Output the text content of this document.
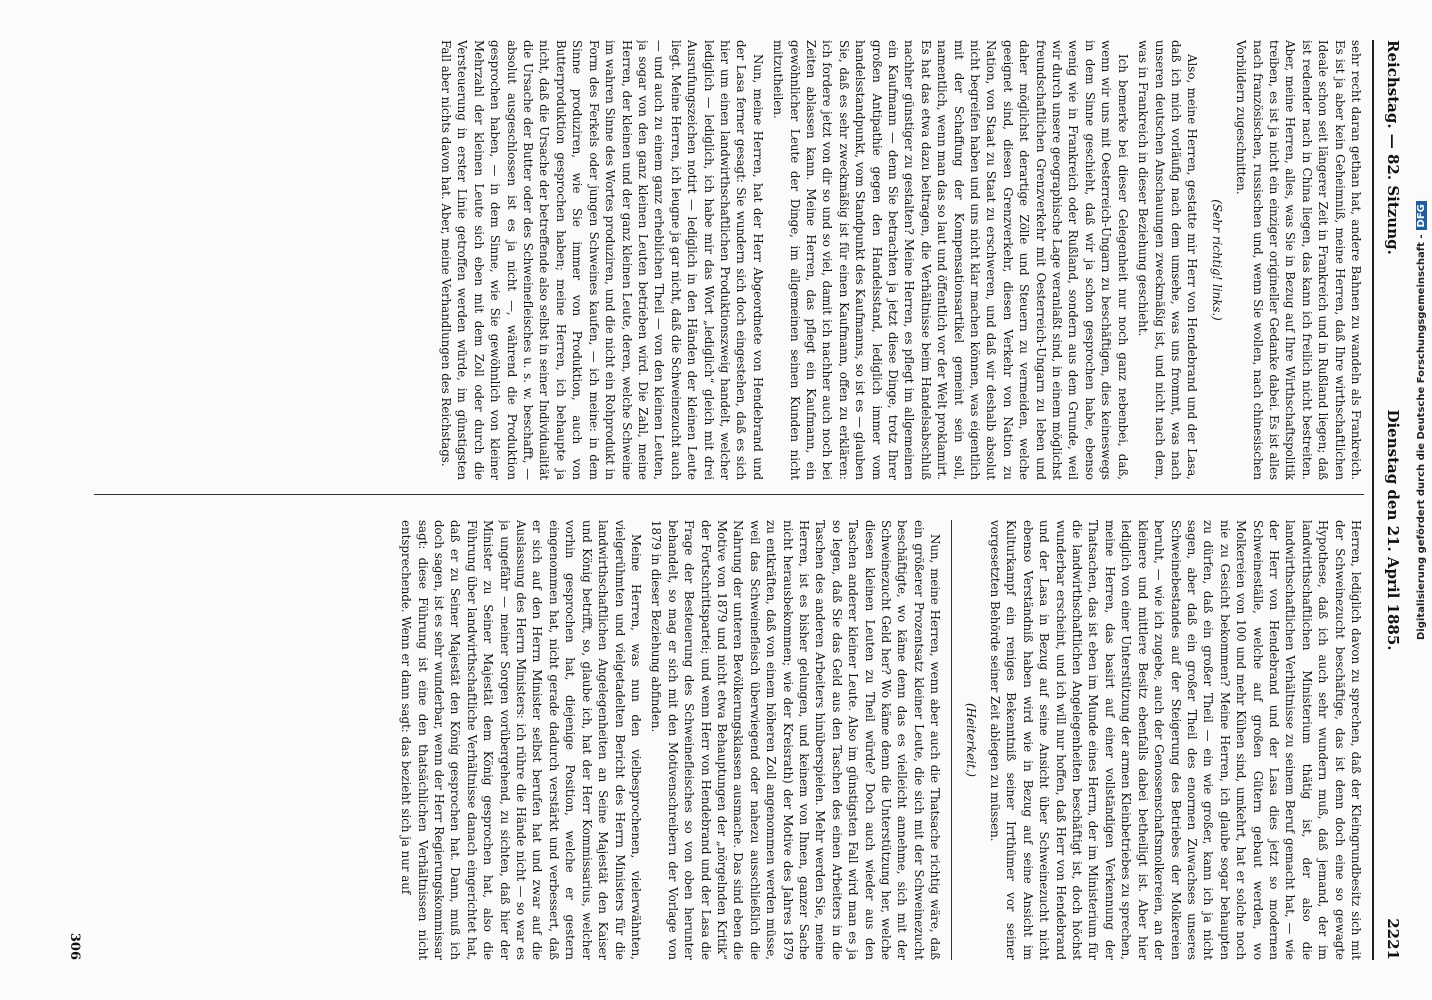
Reichstag. — 82. Sitzung.
Dienstag den 21. April 1885.
2221

sehr recht daran gethan hat, andere Bahnen zu wandeln als Frankreich. Es ist ja aber kein Geheimniß, meine Herren, daß Ihre wirthschaftlichen Ideale schon seit längerer Zeit in Frankreich und in Rußland liegen; daß ist redender nach in China liegen, das kann ich freilich nicht bestreiten. Aber, meine Herren, alles, was Sie in Bezug auf Ihre Wirthschaftspolitik treiben, es ist ja nicht ein einziger origineller Gedanke dabei. Es ist alles nach französischen, russischen und, wenn Sie wollen, nach chinesischen Vorbildern zugeschnitten.

(Sehr richtig! links.)

Also, meine Herren, gestatte mir Herr von Hendebrand und der Lasa, daß ich mich vorläufig nach dem umsehe, was uns frommt, was nach unseren deutschen Anschauungen zweckmäßig ist, und nicht nach dem, was in Frankreich in dieser Beziehung geschieht.

Ich bemerke bei dieser Gelegenheit nur noch ganz nebenbei, daß, wenn wir uns mit Oesterreich-Ungarn zu beschäftigen, dies keineswegs in dem Sinne geschieht, daß wir ja schon gesprochen habe, ebenso wenig wie in Frankreich oder Rußland, sondern aus dem Grunde, weil wir durch unsere geographische Lage veranlaßt sind, in einem möglichst freundschaftlichen Grenzverkehr mit Oesterreich-Ungarn zu leben und daher möglichst derartige Zölle und Steuern zu vermeiden, welche geeignet sind, diesen Grenzverkehr, diesen Verkehr von Nation zu Nation, von Staat zu Staat zu erschweren, und daß wir deshalb absolut nicht begreifen haben und uns nicht klar machen können, was eigentlich mit der Schaffung der Kompensationsartikel gemeint sein soll, namentlich, wenn man das so laut und öffentlich vor der Welt proklamirt. Es hat das etwa dazu beitragen, die Verhältnisse beim Handelsabschluß nachher günstiger zu gestalten? Meine Herren, es pflegt im allgemeinen ein Kaufmann — denn Sie betrachten ja jetzt diese Dinge, trotz Ihrer großen Antipathie gegen den Handelsstand, lediglich immer vom handelsstandpunkt, vom Standpunkt des Kaufmanns, so ist es — glauben Sie, daß es sehr zweckmäßig ist für einen Kaufmann, offen zu erklären: ich fordere jetzt von dir so und so viel, damit ich nachher auch noch bei Zeiten ablassen kann. Meine Herren, das pflegt ein Kaufmann, ein gewöhnlicher Leute der Dinge, im allgemeinen seinen Kunden nicht mitzutheilen.

Nun, meine Herren, hat der Herr Abgeordnete von Hendebrand und der Lasa ferner gesagt: Sie wundern sich doch eingestehen, daß es sich hier um einen landwirthschaftlichen Produktionszweig handelt, welcher lediglich — lediglich, ich habe mir das Wort „lediglich“ gleich mit drei Ausrufungszeichen notirt — lediglich in den Händen der kleinen Leute liegt. Meine Herren, ich leugne ja gar nicht, daß die Schweinezucht auch — und auch zu einem ganz erheblichen Theil — von den kleinen Leuten, ja sogar von den ganz kleinen Leuten betrieben wird. Die Zahl, meine Herren, der kleinen und der ganz kleinen Leute, deren, welche Schweine im wahren Sinne des Wortes produziren, und die nicht ein Rohprodukt in Form des Ferkels oder jungen Schweines kaufen, — ich meine: in dem Sinne produziren, wie Sie immer von Produktion, auch von Butterproduktion gesprochen haben; meine Herren, ich behaupte ja nicht, daß die Ursache der betreffende also selbst in seiner Individualität die Ursache der Butter oder des Schweinefleisches u. s. w. beschafft, — absolut ausgeschlossen ist es ja nicht —, während die Produktion gesprochen haben, — in dem Sinne, wie Sie gewöhnlich von kleiner Mehrzahl der kleinen Leute sich eben mit dem Zoll oder durch die Versteuerung in erster Linie getroffen werden würde, im günstigsten Fall aber nichts davon hat. Aber, meine Verhandlungen des Reichstags.

Herren, lediglich davon zu sprechen, daß der Kleingrundbesitz sich mit der Schweinezucht beschäftige, das ist denn doch eine so gewagte Hypothese, daß ich auch sehr wundern muß, daß jemand, der im landwirthschaftlichen Ministerium thätig ist, der also die landwirthschaftlichen Verhältnisse zu seinem Beruf gemacht hat, — wie der Herr von Hendebrand und der Lasa dies jetzt so modernen Schweineställe, welche auf großen Gütern gebaut werden, wo Molkereien von 100 und mehr Kühen sind, umkehrt, hat er solche noch nie zu Gesicht bekommen? Meine Herren, ich glaube sogar behaupten zu dürfen, daß ein großer Theil — ein wie großer, kann ich ja nicht sagen, aber daß ein großer Theil des enormen Zuwachses unseres Schweinebestandes auf der Steigerung des Betriebes der Molkereien beruht, — wie ich zugebe, auch der Genossenschaftsmolkereien, an der kleinere und mittlere Besitz ebenfalls dabei betheiligt ist. Aber hier lediglich von einer Unterstützung der armen Kleinbetriebes zu sprechen, meine Herren, das basirt auf einer vollständigen Verkennung der Thatsachen, das ist eben im Munde eines Herrn, der im Ministerium für die landwirthschaftlichen Angelegenheiten beschäftigt ist, doch höchst wunderbar erscheint, und ich will nur hoffen, daß Herr von Hendebrand und der Lasa in Bezug auf seine Ansicht über Schweinezucht nicht ebenso Verständniß haben wird wie in Bezug auf seine Ansicht im Kulturkampf ein reniges Bekenntniß seiner Irrthümer vor seiner vorgesetzten Behörde seiner Zeit ablegen zu müssen.

(Heiterkeit.)

Nun, meine Herren, wenn aber auch die Thatsache richtig wäre, daß ein größerer Prozentsatz kleiner Leute, die sich mit der Schweinezucht beschäftigte, wo käme denn das es vielleicht annehme, sich mit der Schweinezucht Geld her? Wo käme denn die Unterstützung her, welche diesen kleinen Leuten zu Theil würde? Doch auch wieder aus den Taschen anderer kleiner Leute. Also im günstigsten Fall wird man es ja so legen, daß Sie das Geld aus den Taschen des einen Arbeiters in die Taschen des anderen Arbeiters hinüberspielen. Mehr werden Sie, meine Herren, ist es bisher gelungen, und keinem von Ihnen, ganzer Sache nicht herausbekommen; wie der Kreisrath) der Motive des Jahres 1879 zu entkräften, daß von einem höheren Zoll angenommen werden müsse, weil das Schweinefleisch überwiegend oder nahezu ausschließlich die Nahrung der unteren Bevölkerungsklassen ausmache. Das sind eben die Motive von 1879 und nicht etwa Behauptungen der „nörgelnden Kritik“ der Fortschrittspartei; und wenn Herr von Hendebrand und der Lasa die Frage der Besteuerung des Schweinefleisches so von oben herunter behandelt, so mag er sich mit den Motivenschreibern der Vorlage von 1879 in dieser Beziehung abfinden.

Meine Herren, was nun den vielbesprochenen, vielerwähnten, vielgerühmten und vielgetadelten Bericht des Herrn Ministers für die landwirthschaftlichen Angelegenheiten an Seine Majestät den Kaiser und König betrifft, so, glaube ich, hat der Herr Kommissarius, welcher vorhin gesprochen hat, diejenige Position, welche er gestern eingenommen hat, nicht gerade dadurch verstärkt und verbessert, daß er sich auf den Herrn Minister selbst berufen hat und zwar auf die Auslassung des Herrn Ministers: ich rühre die Hände nicht — so war es ja ungefähr — meiner Sorgen vorübergehend, zu sichten, daß hier der Minister zu Seiner Majestät dem König gesprochen hat, also die Führung über landwirthschaftliche Verhältnisse danach eingerichtet hat, daß er zu Seiner Majestät den König gesprochen hat. Dann, muß ich doch sagen, ist es sehr wunderbar, wenn der Herr Regierungskommissar sagt: diese Führung ist eine den thatsächlichen Verhältnissen nicht entsprechende. Wenn er dann sagt: das bezieht sich ja nur auf

306
Digitalisierung gefördert durch die Deutsche Forschungsgemeinschaft -DFG
